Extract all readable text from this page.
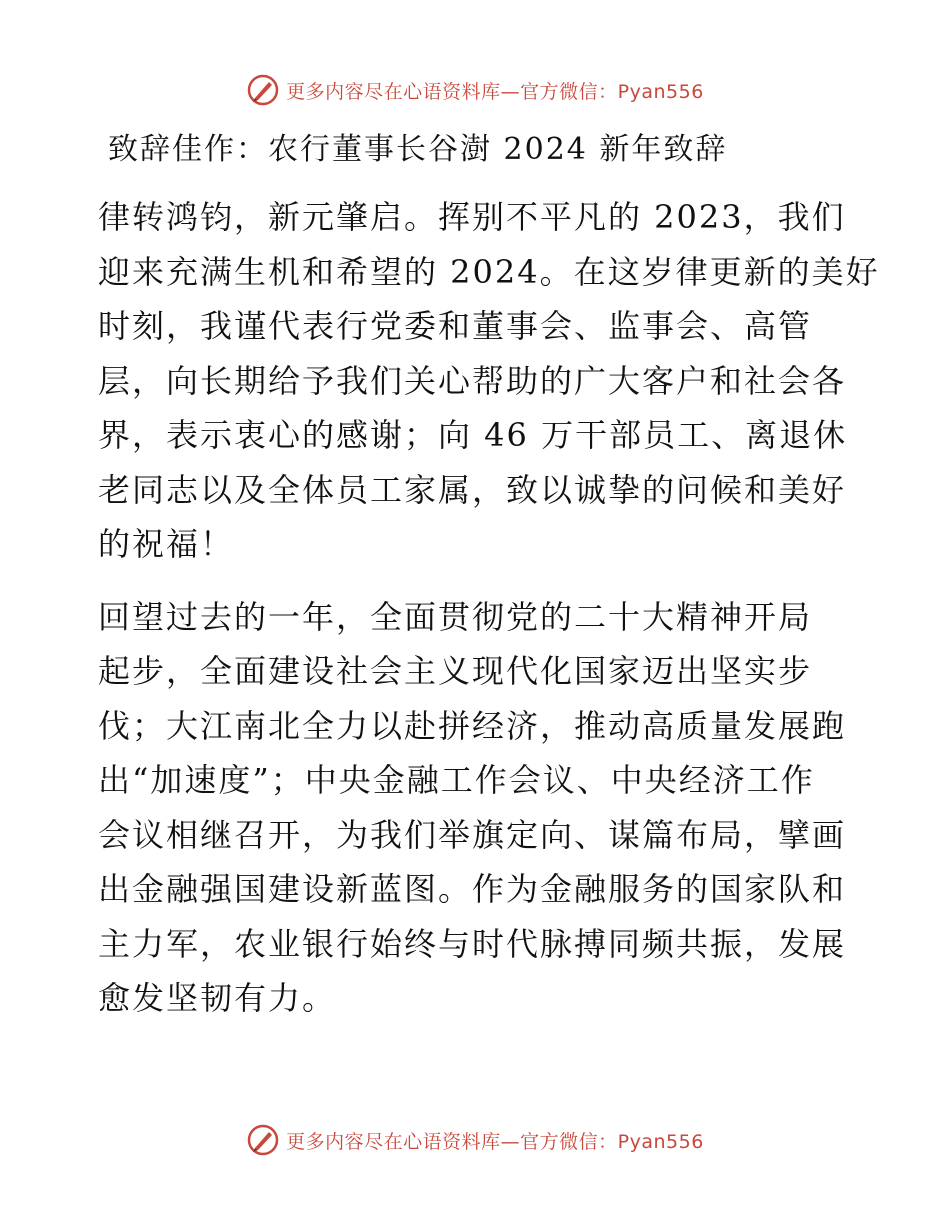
更多内容尽在心语资料库—官方微信：Pyan556
致辞佳作：农行董事长谷澍 2024 新年致辞

律转鸿钧，新元肇启。挥别不平凡的 2023，我们
迎来充满生机和希望的 2024。在这岁律更新的美好
时刻，我谨代表行党委和董事会、监事会、高管
层，向长期给予我们关心帮助的广大客户和社会各
界，表示衷心的感谢；向 46 万干部员工、离退休
老同志以及全体员工家属，致以诚挚的问候和美好
的祝福！

回望过去的一年，全面贯彻党的二十大精神开局
起步，全面建设社会主义现代化国家迈出坚实步
伐；大江南北全力以赴拼经济，推动高质量发展跑
出“加速度”；中央金融工作会议、中央经济工作
会议相继召开，为我们举旗定向、谋篇布局，擘画
出金融强国建设新蓝图。作为金融服务的国家队和
主力军，农业银行始终与时代脉搏同频共振，发展
愈发坚韧有力。

更多内容尽在心语资料库—官方微信：Pyan556
